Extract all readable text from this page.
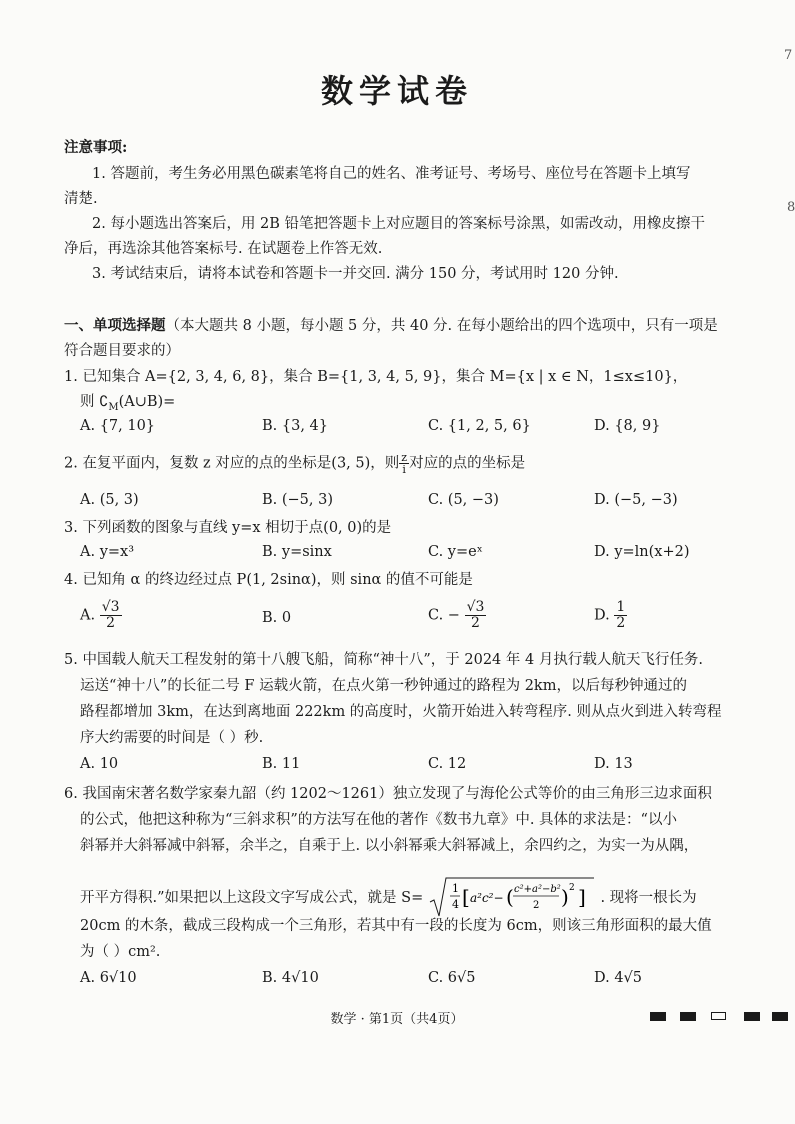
7
8
数学试卷
注意事项:
1. 答题前，考生务必用黑色碳素笔将自己的姓名、准考证号、考场号、座位号在答题卡上填写
清楚.
2. 每小题选出答案后，用 2B 铅笔把答题卡上对应题目的答案标号涂黑，如需改动，用橡皮擦干
净后，再选涂其他答案标号. 在试题卷上作答无效.
3. 考试结束后，请将本试卷和答题卡一并交回. 满分 150 分，考试用时 120 分钟.
一、单项选择题（本大题共 8 小题，每小题 5 分，共 40 分. 在每小题给出的四个选项中，只有一项是
符合题目要求的）
1. 已知集合 A={2, 3, 4, 6, 8}，集合 B={1, 3, 4, 5, 9}，集合 M={x | x ∈ N，1≤x≤10}，
则 $∁_M(A\cup B)=$
A. {7, 10}	B. {3, 4}	C. {1, 2, 5, 6}	D. {8, 9}
2. 在复平面内，复数 z 对应的点的坐标是(3, 5)，则 $\frac{z}{i}$ 对应的点的坐标是
A. (5, 3)	B. (−5, 3)	C. (5, −3)	D. (−5, −3)
3. 下列函数的图象与直线 y=x 相切于点(0, 0)的是
A. y=x³	B. y=sinx	C. y=eˣ	D. y=ln(x+2)
4. 已知角 α 的终边经过点 P(1, 2sinα)，则 sinα 的值不可能是
A. $\frac{√3}{2}$	B. 0	C. − $\frac{√3}{2}$	D. $\frac{1}{2}$
5. 中国载人航天工程发射的第十八艘飞船，简称“神十八”，于 2024 年 4 月执行载人航天飞行任务.
运送“神十八”的长征二号 F 运载火箭，在点火第一秒钟通过的路程为 2km，以后每秒钟通过的
路程都增加 3km，在达到离地面 222km 的高度时，火箭开始进入转弯程序. 则从点火到进入转弯程
序大约需要的时间是（ ）秒.
A. 10	B. 11	C. 12	D. 13
6. 我国南宋著名数学家秦九韶（约 1202～1261）独立发现了与海伦公式等价的由三角形三边求面积
的公式，他把这种称为“三斜求积”的方法写在他的著作《数书九章》中. 具体的求法是：“以小
斜幂并大斜幂减中斜幂，余半之，自乘于上. 以小斜幂乘大斜幂减上，余四约之，为实一为从隅，
开平方得积.”如果把以上这段文字写成公式，就是 S=
1
4 [ a²c²− ( c²+a²−b²
2 ) 2 ] . 现将一根长为
20cm 的木条，截成三段构成一个三角形，若其中有一段的长度为 6cm，则该三角形面积的最大值
为（ ）cm².
A. 6√10	B. 4√10	C. 6√5	D. 4√5
数学 · 第1页（共4页）
